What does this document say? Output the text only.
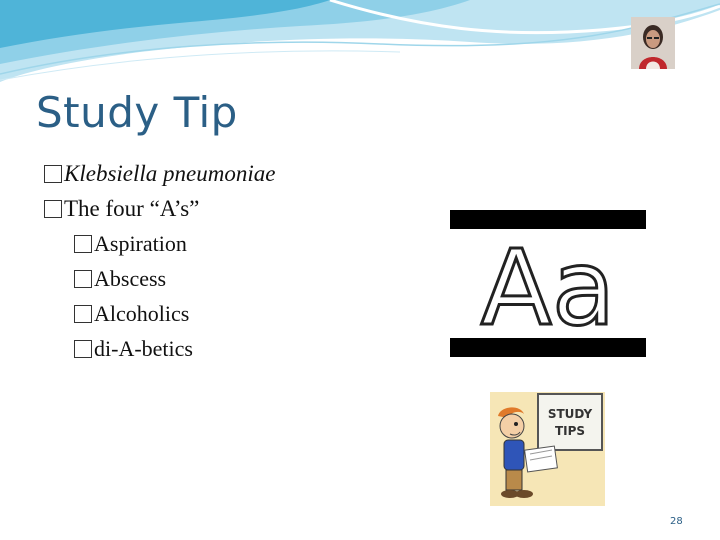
Study Tip
Klebsiella pneumoniae
The four “A’s”
Aspiration
Abscess
Alcoholics
di-A-betics	Aa
STUDY
TIPS
28
